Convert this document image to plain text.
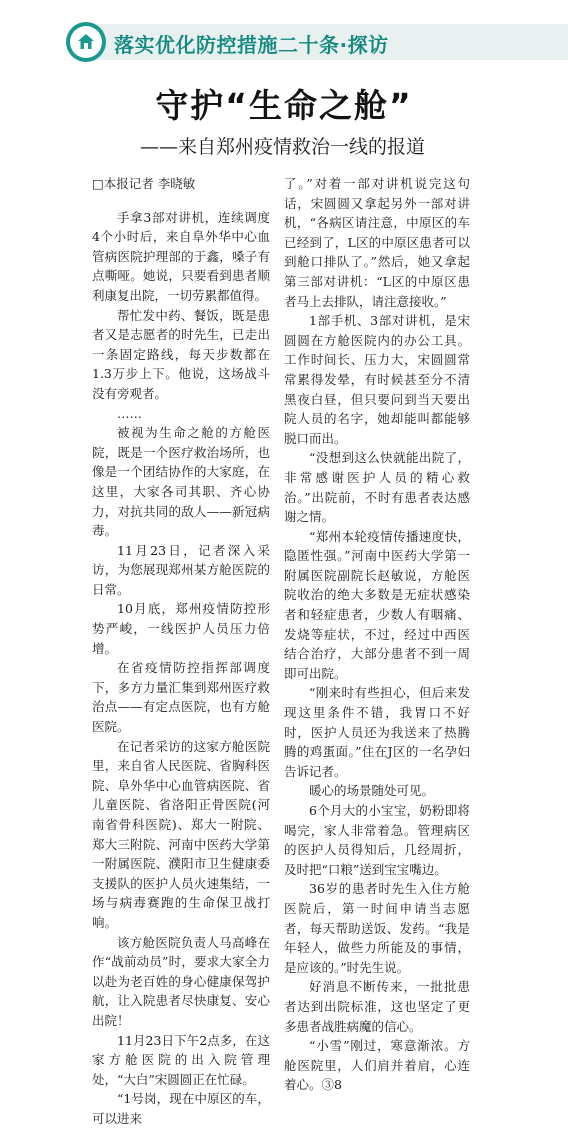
落实优化防控措施二十条·探访
守护“生命之舱”
——来自郑州疫情救治一线的报道

□本报记者 李晓敏

手拿3部对讲机，连续调度4个小时后，来自阜外华中心血管病医院护理部的于鑫，嗓子有点嘶哑。她说，只要看到患者顺利康复出院，一切劳累都值得。

帮忙发中药、餐饭，既是患者又是志愿者的时先生，已走出一条固定路线，每天步数都在1.3万步上下。他说，这场战斗没有旁观者。

……

被视为生命之舱的方舱医院，既是一个医疗救治场所，也像是一个团结协作的大家庭，在这里，大家各司其职、齐心协力，对抗共同的敌人——新冠病毒。

11月23日，记者深入采访，为您展现郑州某方舱医院的日常。

10月底，郑州疫情防控形势严峻，一线医护人员压力倍增。

在省疫情防控指挥部调度下，多方力量汇集到郑州医疗救治点——有定点医院，也有方舱医院。

在记者采访的这家方舱医院里，来自省人民医院、省胸科医院、阜外华中心血管病医院、省儿童医院、省洛阳正骨医院(河南省骨科医院)、郑大一附院、郑大三附院、河南中医药大学第一附属医院、濮阳市卫生健康委支援队的医护人员火速集结，一场与病毒赛跑的生命保卫战打响。

该方舱医院负责人马高峰在作“战前动员”时，要求大家全力以赴为老百姓的身心健康保驾护航，让入院患者尽快康复、安心出院！

11月23日下午2点多，在这家方舱医院的出入院管理处，“大白”宋圆圆正在忙碌。

“1号岗，现在中原区的车，可以进来

了。”对着一部对讲机说完这句话，宋圆圆又拿起另外一部对讲机，“各病区请注意，中原区的车已经到了，L区的中原区患者可以到舱口排队了。”然后，她又拿起第三部对讲机：“L区的中原区患者马上去排队，请注意接收。”

1部手机、3部对讲机，是宋圆圆在方舱医院内的办公工具。工作时间长、压力大，宋圆圆常常累得发晕，有时候甚至分不清黑夜白昼，但只要问到当天要出院人员的名字，她却能叫都能够脱口而出。

“没想到这么快就能出院了，非常感谢医护人员的精心救治。”出院前，不时有患者表达感谢之情。

“郑州本轮疫情传播速度快，隐匿性强。”河南中医药大学第一附属医院副院长赵敏说，方舱医院收治的绝大多数是无症状感染者和轻症患者，少数人有咽痛、发烧等症状，不过，经过中西医结合治疗，大部分患者不到一周即可出院。

“刚来时有些担心，但后来发现这里条件不错，我胃口不好时，医护人员还为我送来了热腾腾的鸡蛋面。”住在J区的一名孕妇告诉记者。

暖心的场景随处可见。

6个月大的小宝宝，奶粉即将喝完，家人非常着急。管理病区的医护人员得知后，几经周折，及时把“口粮”送到宝宝嘴边。

36岁的患者时先生入住方舱医院后，第一时间申请当志愿者，每天帮助送饭、发药。“我是年轻人，做些力所能及的事情，是应该的。”时先生说。

好消息不断传来，一批批患者达到出院标准，这也坚定了更多患者战胜病魔的信心。

“小雪”刚过，寒意渐浓。方舱医院里，人们肩并着肩，心连着心。③8
